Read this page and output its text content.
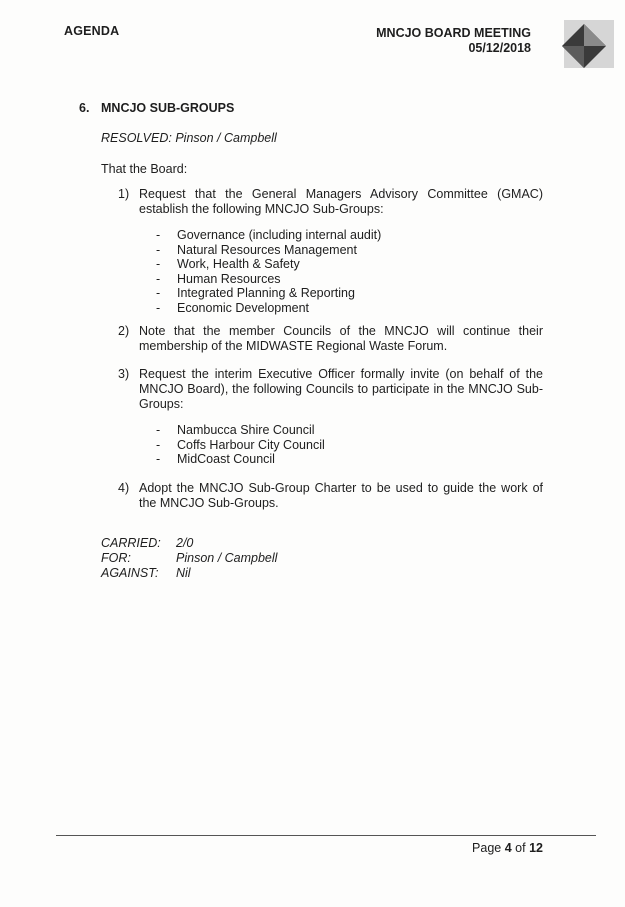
AGENDA	MNCJO BOARD MEETING
05/12/2018
6. MNCJO SUB-GROUPS
RESOLVED: Pinson / Campbell
That the Board:
1) Request that the General Managers Advisory Committee (GMAC) establish the following MNCJO Sub-Groups:
- Governance (including internal audit)
- Natural Resources Management
- Work, Health & Safety
- Human Resources
- Integrated Planning & Reporting
- Economic Development
2) Note that the member Councils of the MNCJO will continue their membership of the MIDWASTE Regional Waste Forum.
3) Request the interim Executive Officer formally invite (on behalf of the MNCJO Board), the following Councils to participate in the MNCJO Sub-Groups:
- Nambucca Shire Council
- Coffs Harbour City Council
- MidCoast Council
4) Adopt the MNCJO Sub-Group Charter to be used to guide the work of the MNCJO Sub-Groups.
CARRIED:	2/0
FOR:	Pinson / Campbell
AGAINST:	Nil
Page 4 of 12
